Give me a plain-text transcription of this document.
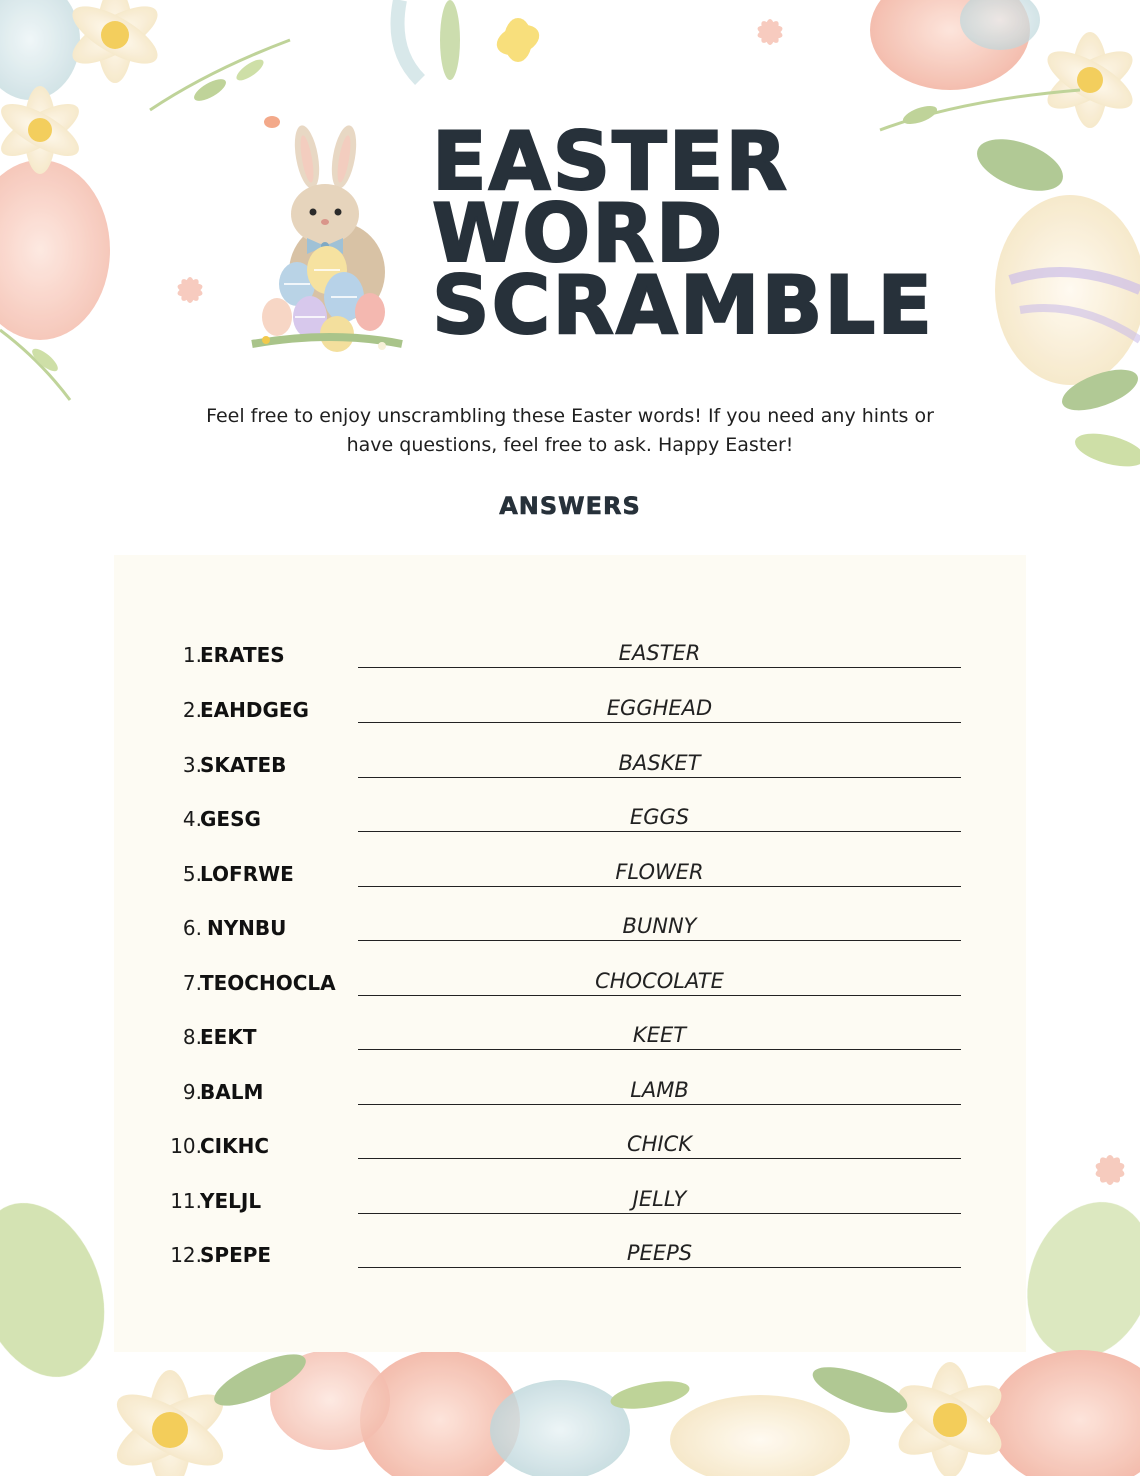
EASTER
WORD
SCRAMBLE
Feel free to enjoy unscrambling these Easter words! If you need any hints or
have questions, feel free to ask. Happy Easter!
ANSWERS
1.
ERATES	EASTER
2.
EAHDGEG	EGGHEAD
3.
SKATEB	BASKET
4.
GESG	EGGS
5.
LOFRWE	FLOWER
6.
NYNBU	BUNNY
7.
TEOCHOCLA	CHOCOLATE
8.
EEKT	KEET
9.
BALM	LAMB
10.
CIKHC	CHICK
11.
YELJL	JELLY
12.
SPEPE	PEEPS
